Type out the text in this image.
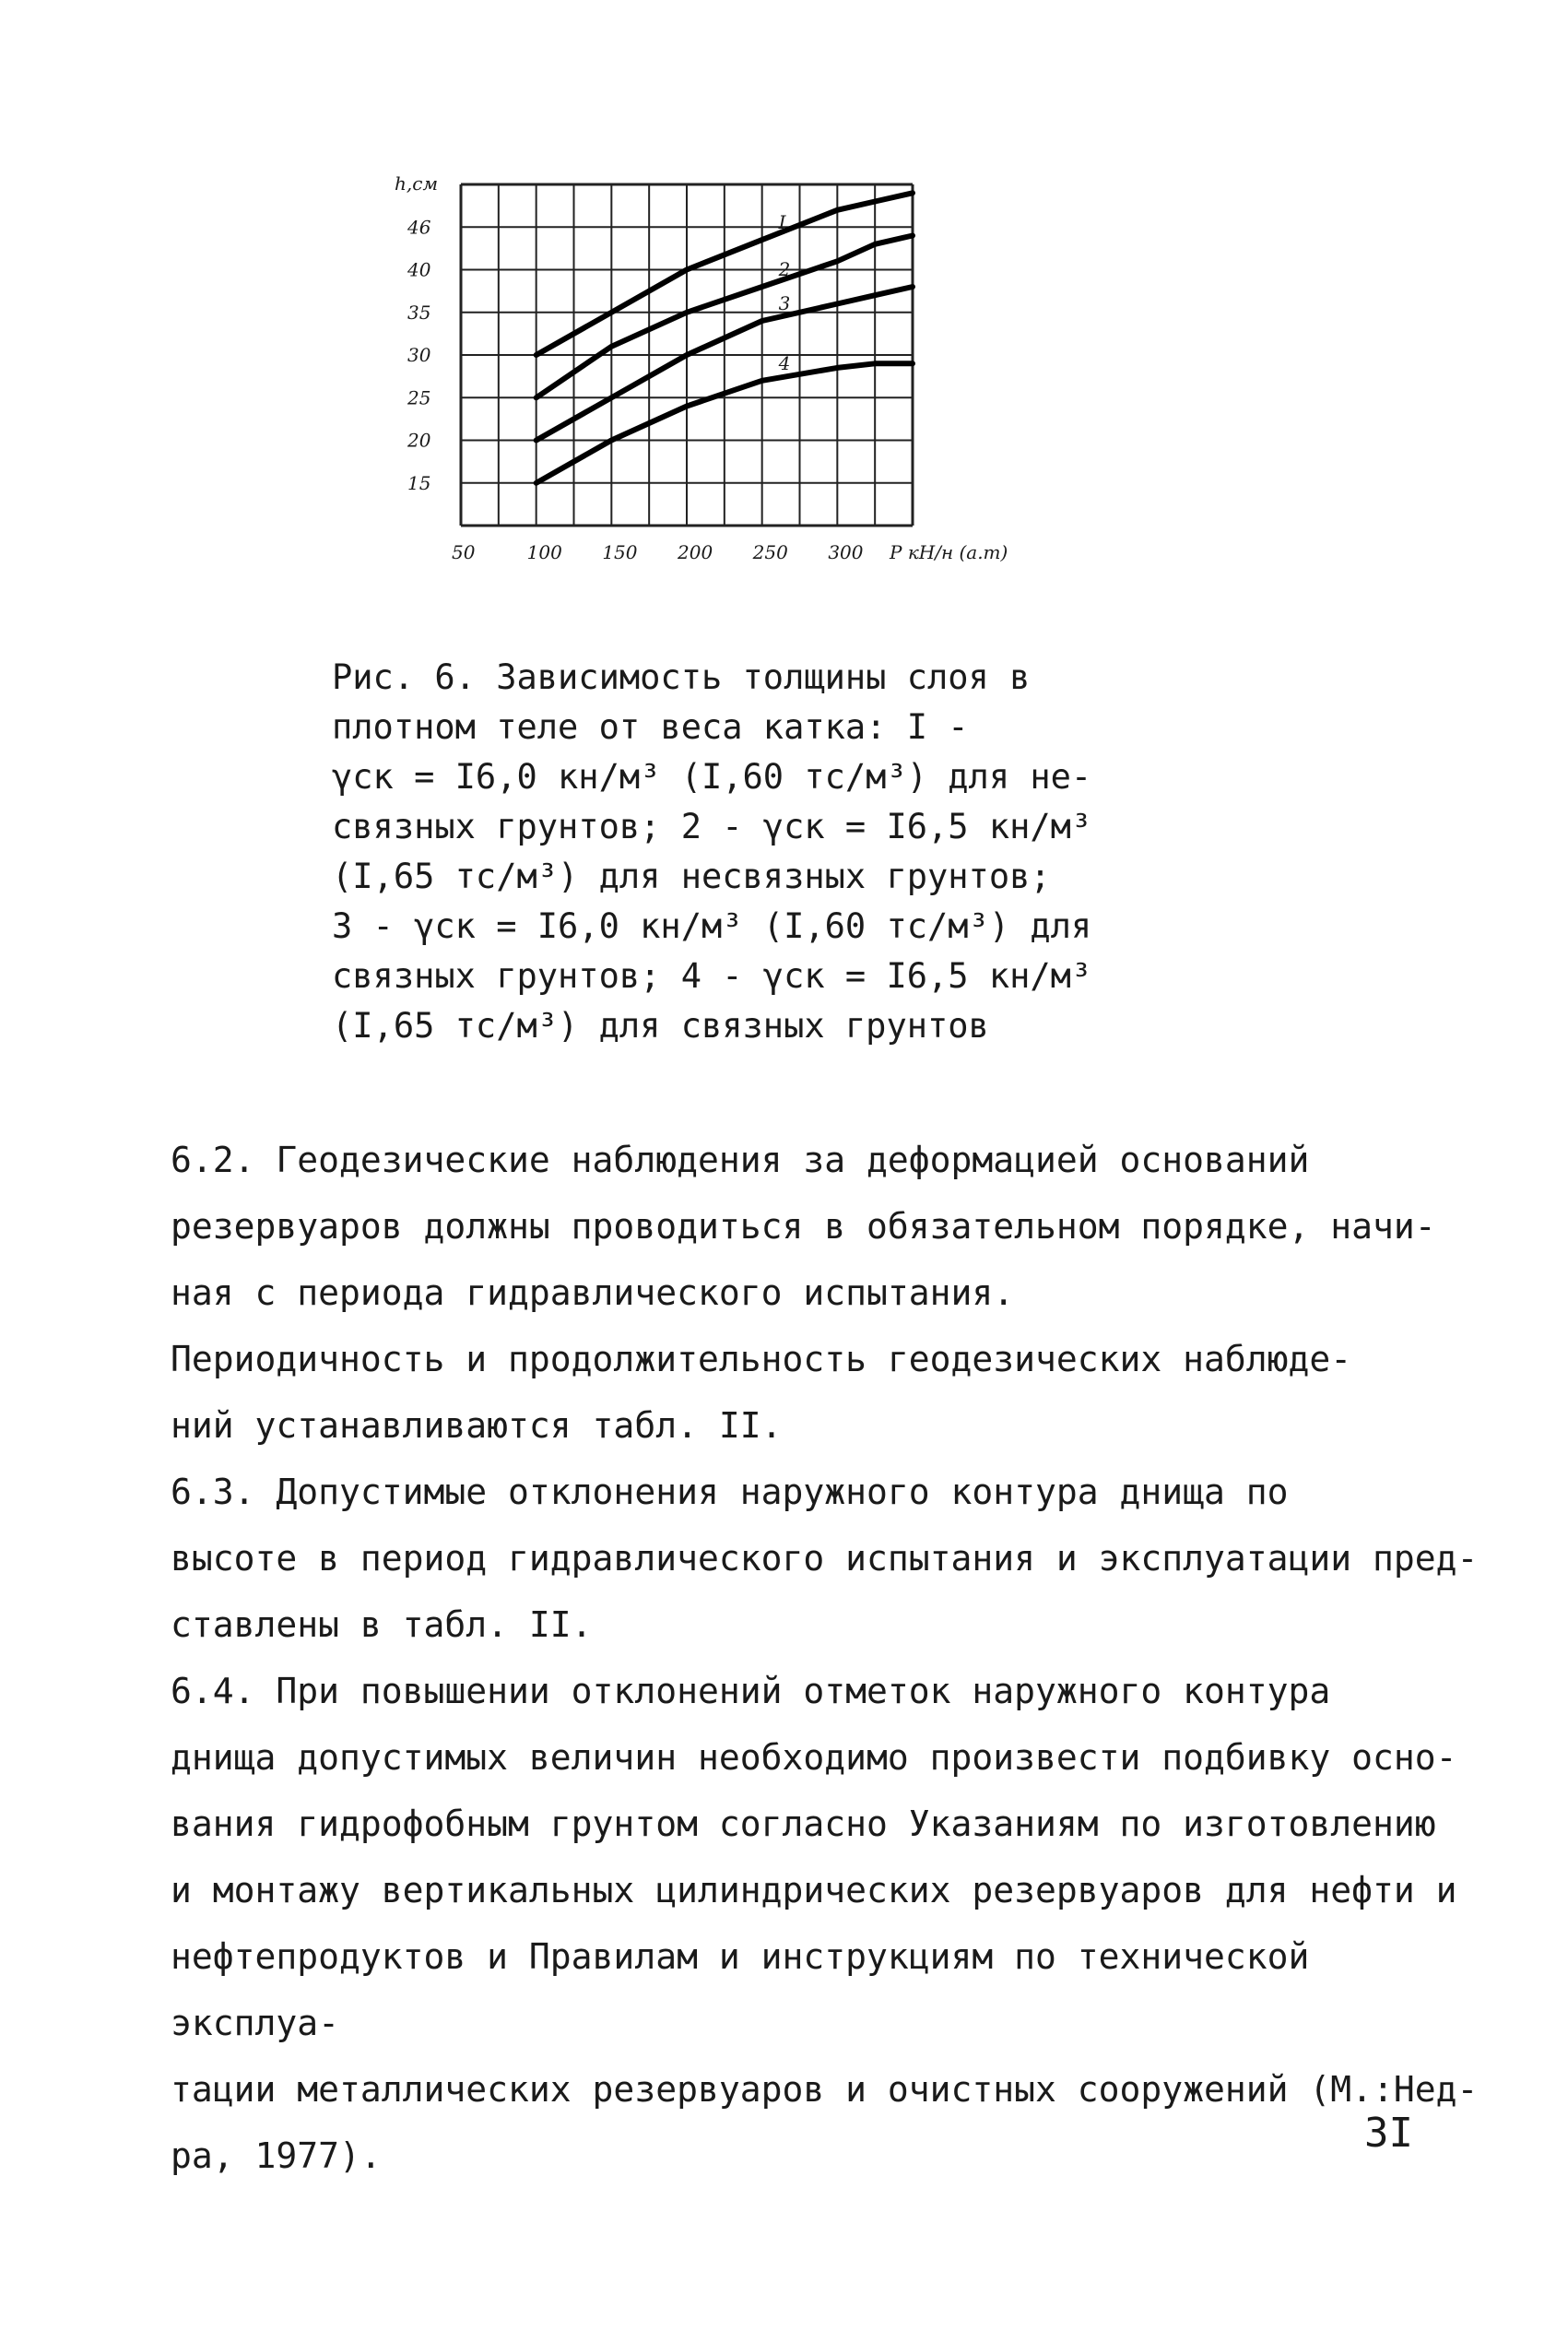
I
2
3
4
h,см
46
40
35
30
25
20
15
50	100 150 200 250 300 P кН/н (а.т)
Рис. 6. Зависимость толщины слоя в
плотном теле от веса катка: I -
γск = I6,0 кн/м³ (I,60 тс/м³) для не-
связных грунтов; 2 - γск = I6,5 кн/м³
(I,65 тс/м³) для несвязных грунтов;
3 - γск = I6,0 кн/м³ (I,60 тс/м³) для
связных грунтов; 4 - γск = I6,5 кн/м³
(I,65 тс/м³) для связных грунтов
6.2. Геодезические наблюдения за деформацией оснований
резервуаров должны проводиться в обязательном порядке, начи-
ная с периода гидравлического испытания.
Периодичность и продолжительность геодезических наблюде-
ний устанавливаются табл. II.
6.3. Допустимые отклонения наружного контура днища по
высоте в период гидравлического испытания и эксплуатации пред-
ставлены в табл. II.
6.4. При повышении отклонений отметок наружного контура
днища допустимых величин необходимо произвести подбивку осно-
вания гидрофобным грунтом согласно Указаниям по изготовлению
и монтажу вертикальных цилиндрических резервуаров для нефти и
нефтепродуктов и Правилам и инструкциям по технической эксплуа-
тации металлических резервуаров и очистных сооружений (М.:Нед-
ра, 1977).	3I
